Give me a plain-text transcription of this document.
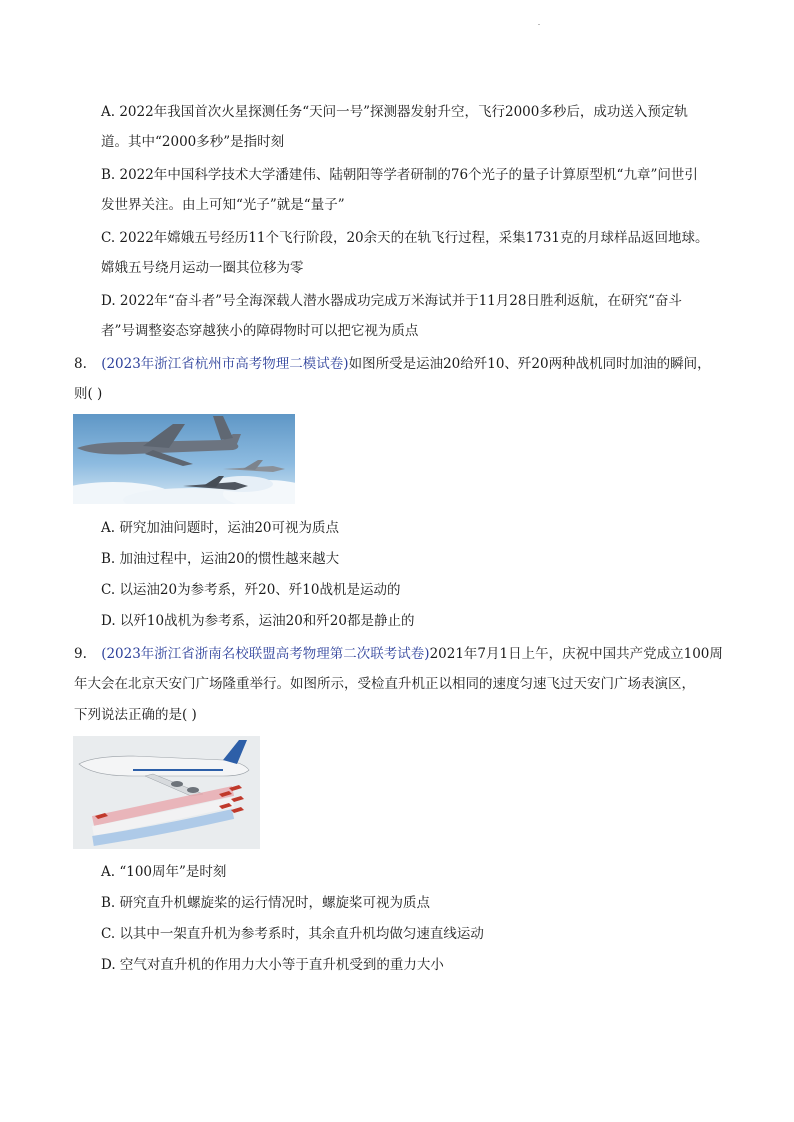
A. 2022年我国首次火星探测任务“天问一号”探测器发射升空，飞行2000多秒后，成功送入预定轨
道。其中“2000多秒”是指时刻
B. 2022年中国科学技术大学潘建伟、陆朝阳等学者研制的76个光子的量子计算原型机“九章”问世引
发世界关注。由上可知“光子”就是“量子”
C. 2022年嫦娥五号经历11个飞行阶段，20余天的在轨飞行过程，采集1731克的月球样品返回地球。
嫦娥五号绕月运动一圈其位移为零
D. 2022年“奋斗者”号全海深载人潜水器成功完成万米海试并于11月28日胜利返航，在研究“奋斗
者”号调整姿态穿越狭小的障碍物时可以把它视为质点
8. (2023年浙江省杭州市高考物理二模试卷)如图所受是运油20给歼10、歼20两种战机同时加油的瞬间，
则( )
A. 研究加油问题时，运油20可视为质点
B. 加油过程中，运油20的惯性越来越大
C. 以运油20为参考系，歼20、歼10战机是运动的
D. 以歼10战机为参考系，运油20和歼20都是静止的
9. (2023年浙江省浙南名校联盟高考物理第二次联考试卷)2021年7月1日上午，庆祝中国共产党成立100周
年大会在北京天安门广场隆重举行。如图所示，受检直升机正以相同的速度匀速飞过天安门广场表演区，
下列说法正确的是( )
A. “100周年”是时刻
B. 研究直升机螺旋桨的运行情况时，螺旋桨可视为质点
C. 以其中一架直升机为参考系时，其余直升机均做匀速直线运动
D. 空气对直升机的作用力大小等于直升机受到的重力大小
